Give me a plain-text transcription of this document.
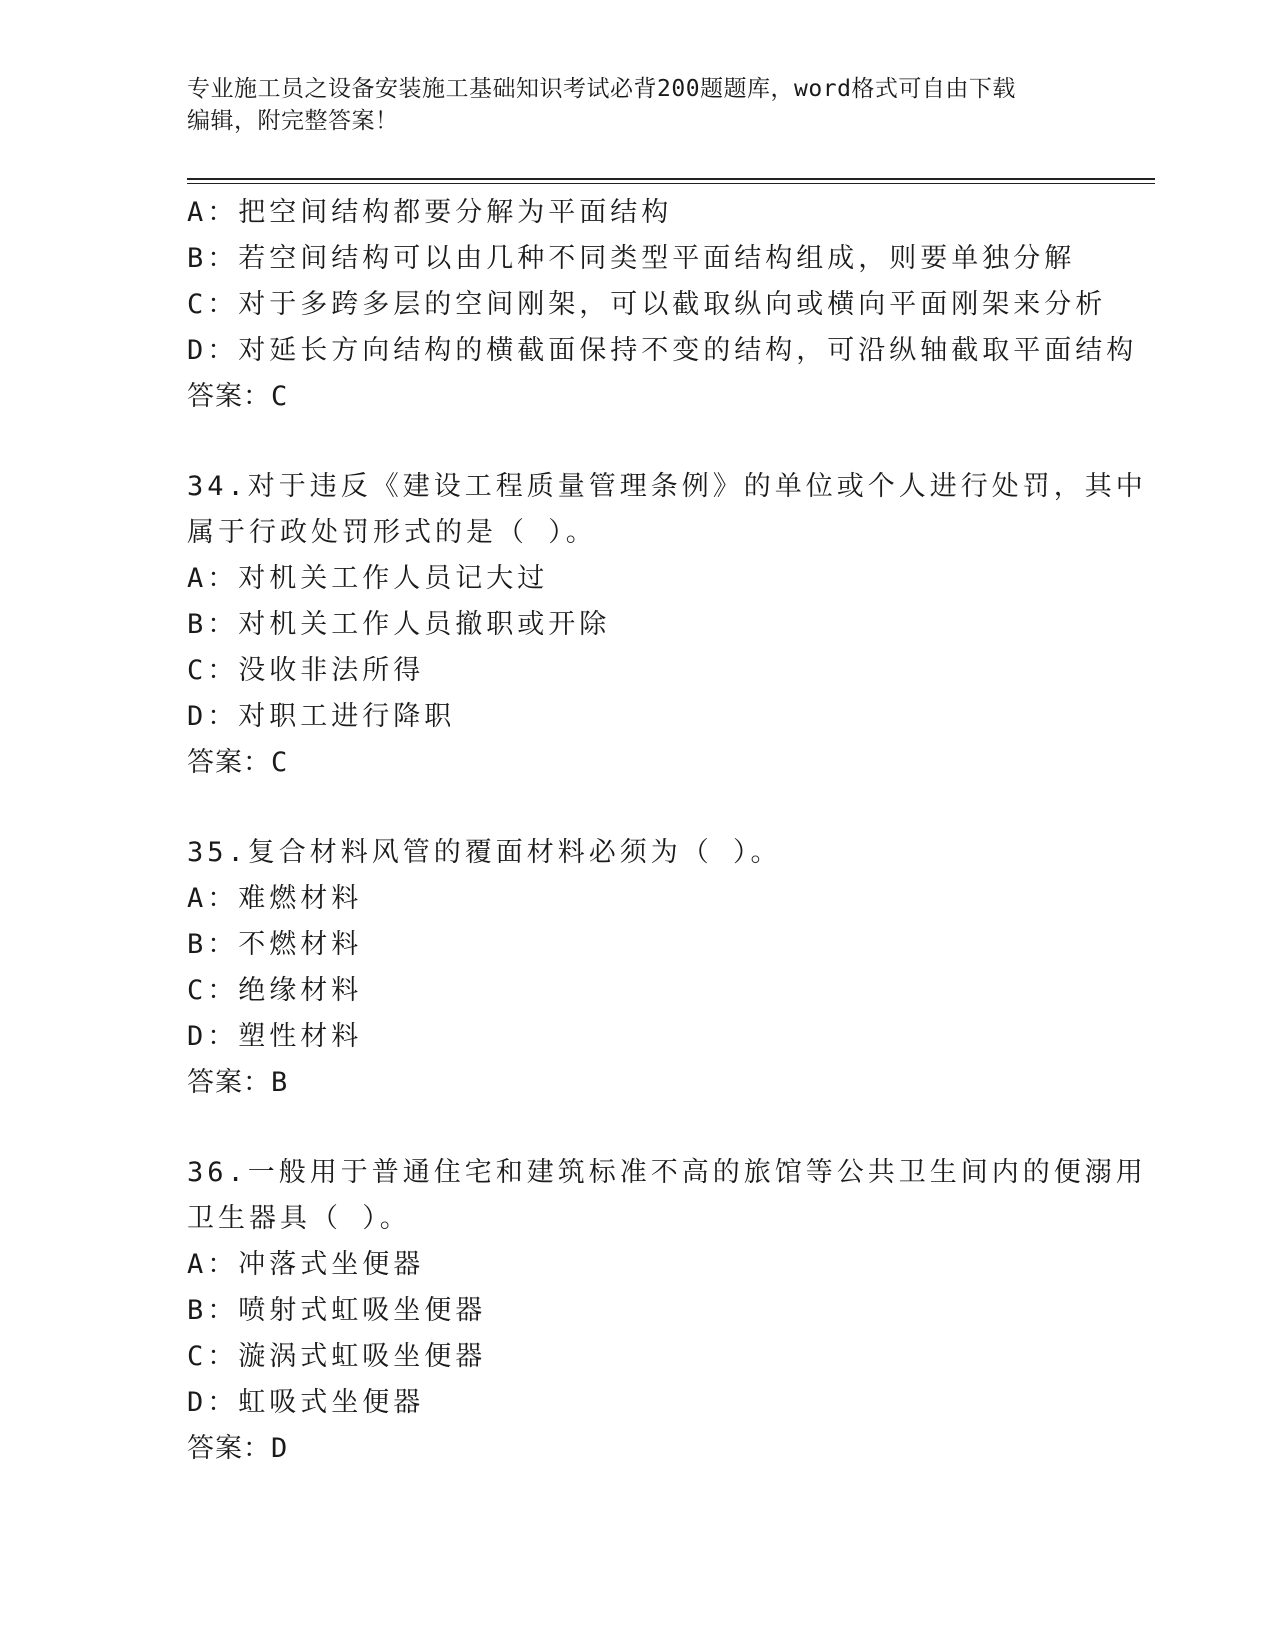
专业施工员之设备安装施工基础知识考试必背200题题库，word格式可自由下载
编辑，附完整答案！
A：把空间结构都要分解为平面结构
B：若空间结构可以由几种不同类型平面结构组成，则要单独分解
C：对于多跨多层的空间刚架，可以截取纵向或横向平面刚架来分析
D：对延长方向结构的横截面保持不变的结构，可沿纵轴截取平面结构
答案：C
34.对于违反《建设工程质量管理条例》的单位或个人进行处罚，其中
属于行政处罚形式的是（ ）。
A：对机关工作人员记大过
B：对机关工作人员撤职或开除
C：没收非法所得
D：对职工进行降职
答案：C
35.复合材料风管的覆面材料必须为（ ）。
A：难燃材料
B：不燃材料
C：绝缘材料
D：塑性材料
答案：B
36.一般用于普通住宅和建筑标准不高的旅馆等公共卫生间内的便溺用
卫生器具（ ）。
A：冲落式坐便器
B：喷射式虹吸坐便器
C：漩涡式虹吸坐便器
D：虹吸式坐便器
答案：D
